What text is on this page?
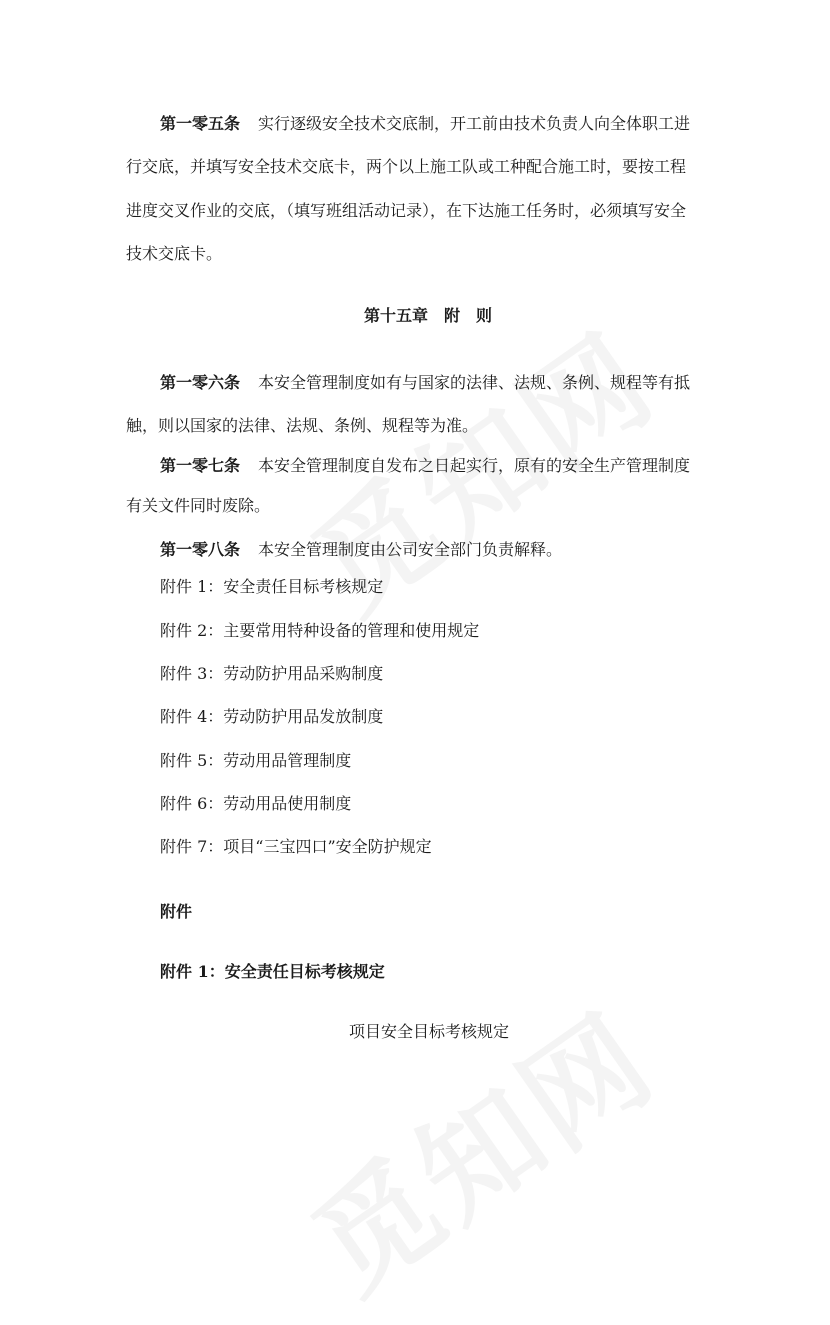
第一零五条 实行逐级安全技术交底制，开工前由技术负责人向全体职工进
行交底，并填写安全技术交底卡，两个以上施工队或工种配合施工时，要按工程
进度交叉作业的交底，（填写班组活动记录），在下达施工任务时，必须填写安全
技术交底卡。
第十五章　附　则
第一零六条 本安全管理制度如有与国家的法律、法规、条例、规程等有抵
触，则以国家的法律、法规、条例、规程等为准。
第一零七条 本安全管理制度自发布之日起实行，原有的安全生产管理制度
有关文件同时废除。
第一零八条 本安全管理制度由公司安全部门负责解释。
附件 1：安全责任目标考核规定
附件 2：主要常用特种设备的管理和使用规定
附件 3：劳动防护用品采购制度
附件 4：劳动防护用品发放制度
附件 5：劳动用品管理制度
附件 6：劳动用品使用制度
附件 7：项目“三宝四口”安全防护规定
附件
附件 1：安全责任目标考核规定
项目安全目标考核规定
